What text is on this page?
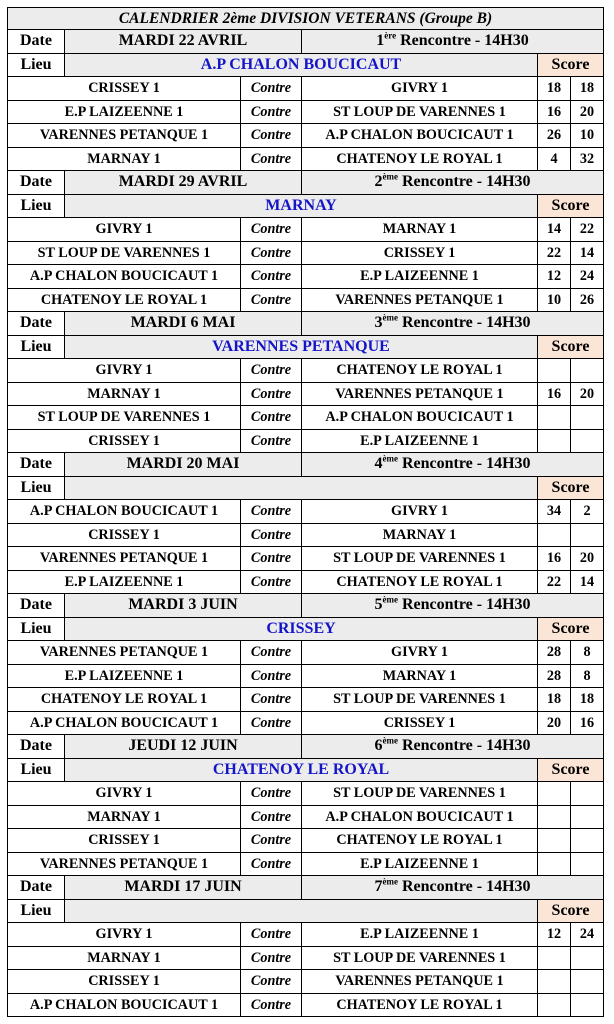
CALENDRIER 2ème DIVISION VETERANS (Groupe B)					
Date	MARDI 22 AVRIL		1ère Rencontre - 14H30		
Lieu	A.P CHALON BOUCICAUT			Score	
CRISSEY 1		Contre	GIVRY 1	18	18
E.P LAIZEENNE 1		Contre	ST LOUP DE VARENNES 1	16	20
VARENNES PETANQUE 1		Contre	A.P CHALON BOUCICAUT 1	26	10
MARNAY 1		Contre	CHATENOY LE ROYAL 1	4	32
Date	MARDI 29 AVRIL		2ème Rencontre - 14H30		
Lieu	MARNAY			Score	
GIVRY 1		Contre	MARNAY 1	14	22
ST LOUP DE VARENNES 1		Contre	CRISSEY 1	22	14
A.P CHALON BOUCICAUT 1		Contre	E.P LAIZEENNE 1	12	24
CHATENOY LE ROYAL 1		Contre	VARENNES PETANQUE 1	10	26
Date	MARDI 6 MAI		3ème Rencontre - 14H30		
Lieu	VARENNES PETANQUE			Score	
GIVRY 1		Contre	CHATENOY LE ROYAL 1		
MARNAY 1		Contre	VARENNES PETANQUE 1	16	20
ST LOUP DE VARENNES 1		Contre	A.P CHALON BOUCICAUT 1		
CRISSEY 1		Contre	E.P LAIZEENNE 1		
Date	MARDI 20 MAI		4ème Rencontre - 14H30		
Lieu				Score	
A.P CHALON BOUCICAUT 1		Contre	GIVRY 1	34	2
CRISSEY 1		Contre	MARNAY 1		
VARENNES PETANQUE 1		Contre	ST LOUP DE VARENNES 1	16	20
E.P LAIZEENNE 1		Contre	CHATENOY LE ROYAL 1	22	14
Date	MARDI 3 JUIN		5ème Rencontre - 14H30		
Lieu	CRISSEY			Score	
VARENNES PETANQUE 1		Contre	GIVRY 1	28	8
E.P LAIZEENNE 1		Contre	MARNAY 1	28	8
CHATENOY LE ROYAL 1		Contre	ST LOUP DE VARENNES 1	18	18
A.P CHALON BOUCICAUT 1		Contre	CRISSEY 1	20	16
Date	JEUDI 12 JUIN		6ème Rencontre - 14H30		
Lieu	CHATENOY LE ROYAL			Score	
GIVRY 1		Contre	ST LOUP DE VARENNES 1		
MARNAY 1		Contre	A.P CHALON BOUCICAUT 1		
CRISSEY 1		Contre	CHATENOY LE ROYAL 1		
VARENNES PETANQUE 1		Contre	E.P LAIZEENNE 1		
Date	MARDI 17 JUIN		7ème Rencontre - 14H30		
Lieu				Score	
GIVRY 1		Contre	E.P LAIZEENNE 1	12	24
MARNAY 1		Contre	ST LOUP DE VARENNES 1		
CRISSEY 1		Contre	VARENNES PETANQUE 1		
A.P CHALON BOUCICAUT 1		Contre	CHATENOY LE ROYAL 1		
